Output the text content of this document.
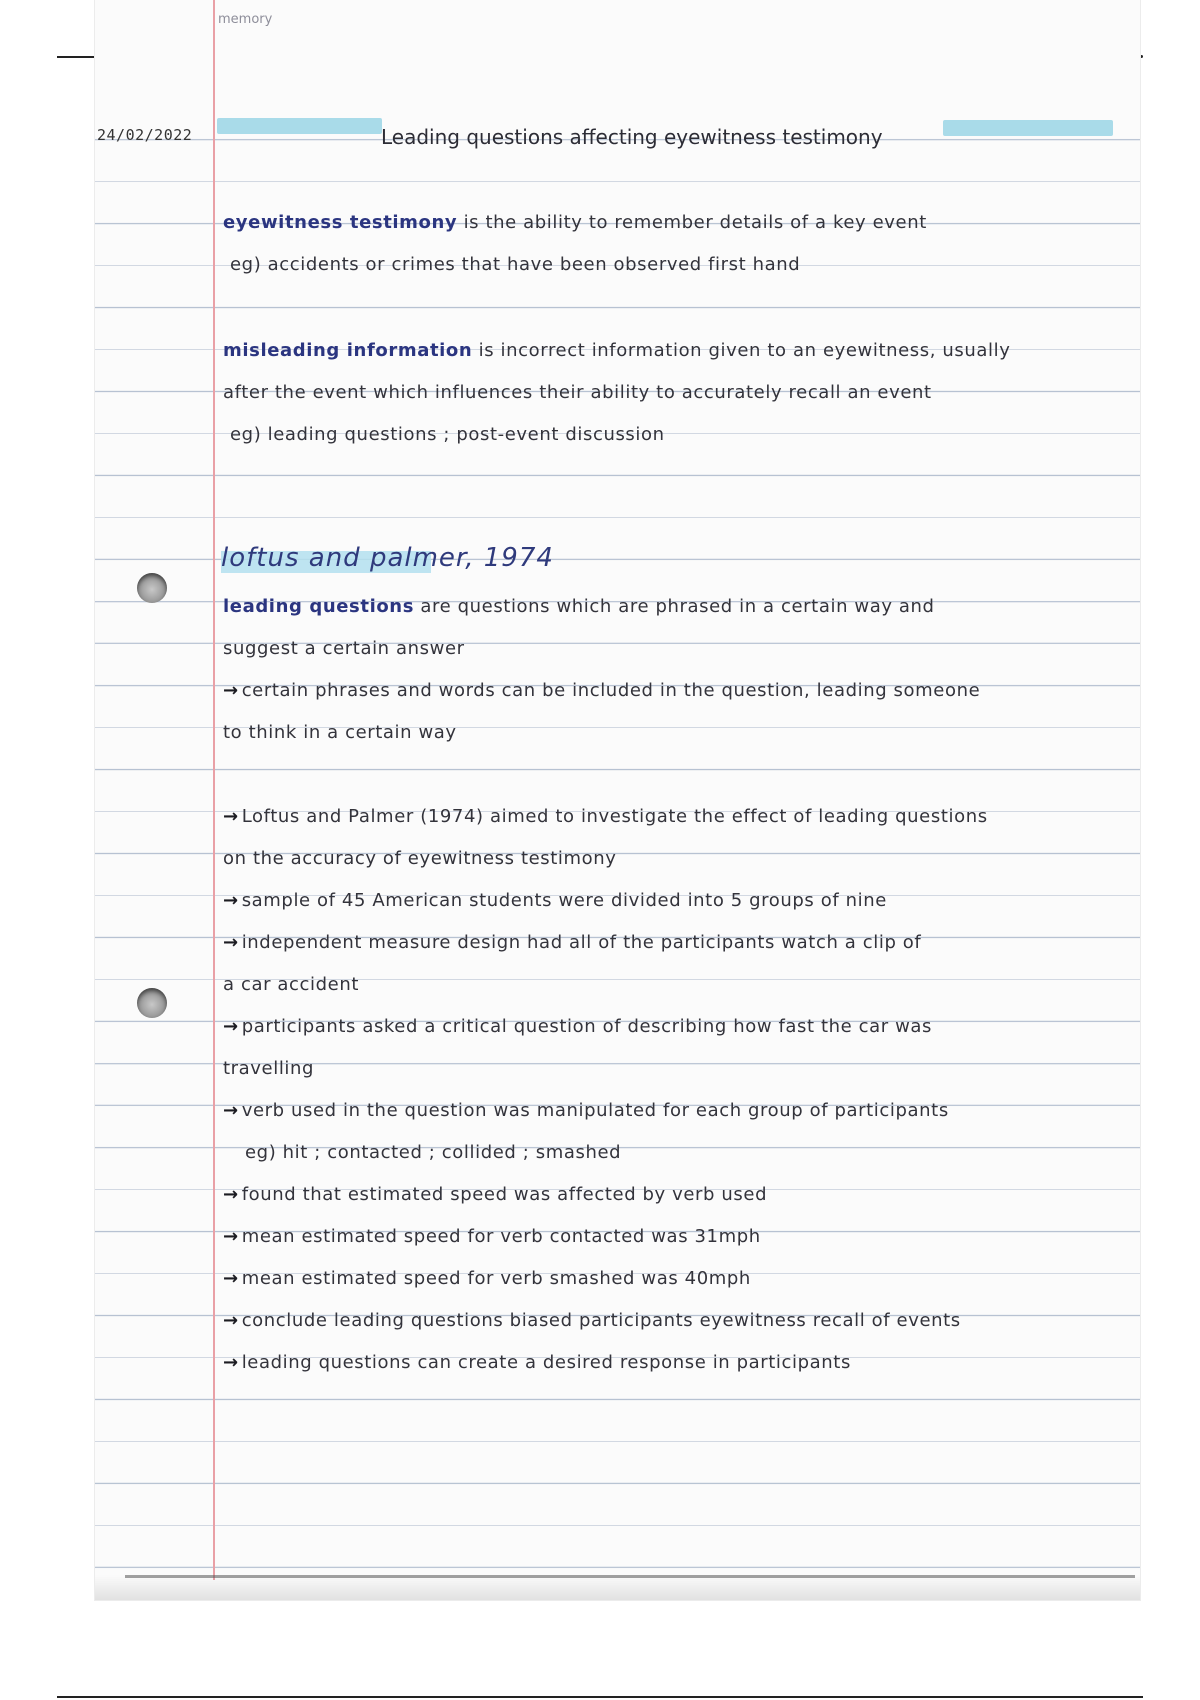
memory
24/02/2022	Leading questions affecting eyewitness testimony
eyewitness testimony is the ability to remember details of a key event
eg) accidents or crimes that have been observed first hand
misleading information is incorrect information given to an eyewitness, usually
after the event which influences their ability to accurately recall an event
eg) leading questions ; post-event discussion
loftus and palmer, 1974
leading questions are questions which are phrased in a certain way and
suggest a certain answer
→ certain phrases and words can be included in the question, leading someone
to think in a certain way
→ Loftus and Palmer (1974) aimed to investigate the effect of leading questions
on the accuracy of eyewitness testimony
→ sample of 45 American students were divided into 5 groups of nine
→ independent measure design had all of the participants watch a clip of
a car accident
→ participants asked a critical question of describing how fast the car was
travelling
→ verb used in the question was manipulated for each group of participants
eg) hit ; contacted ; collided ; smashed
→ found that estimated speed was affected by verb used
→ mean estimated speed for verb contacted was 31mph
→ mean estimated speed for verb smashed was 40mph
→ conclude leading questions biased participants eyewitness recall of events
→ leading questions can create a desired response in participants
